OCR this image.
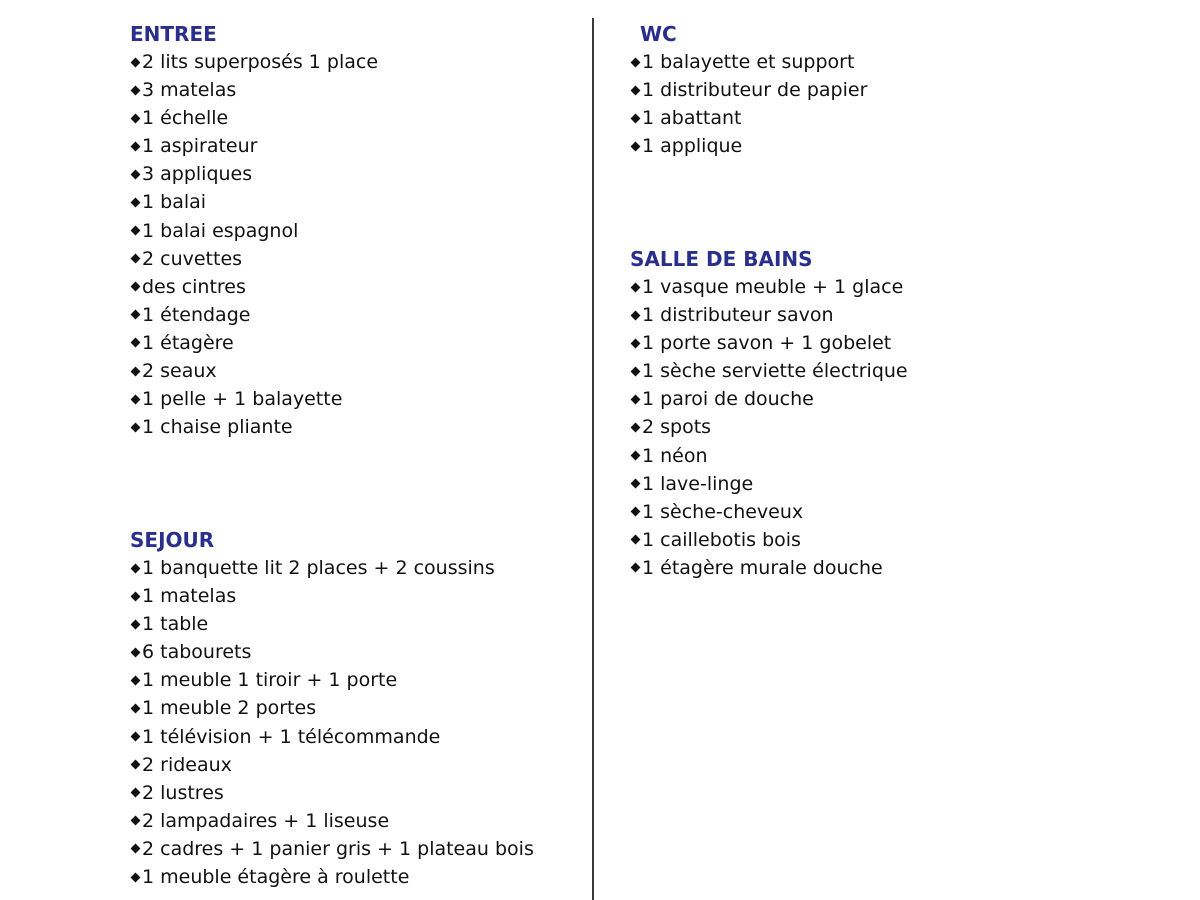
ENTREE
2 lits superposés 1 place
3 matelas
1 échelle
1 aspirateur
3 appliques
1 balai
1 balai espagnol
2 cuvettes
des cintres
1 étendage
1 étagère
2 seaux
1 pelle + 1 balayette
1 chaise pliante
SEJOUR
1 banquette lit 2 places + 2 coussins
1 matelas
1 table
6 tabourets
1 meuble 1 tiroir + 1 porte
1 meuble 2 portes
1 télévision + 1 télécommande
2 rideaux
2 lustres
2 lampadaires + 1 liseuse
2 cadres + 1 panier gris + 1 plateau bois
1 meuble étagère à roulette
WC
1 balayette et support
1 distributeur de papier
1 abattant
1 applique
SALLE DE BAINS
1 vasque meuble + 1 glace
1 distributeur savon
1 porte savon + 1 gobelet
1 sèche serviette électrique
1 paroi de douche
2 spots
1 néon
1 lave-linge
1 sèche-cheveux
1 caillebotis bois
1 étagère murale douche
